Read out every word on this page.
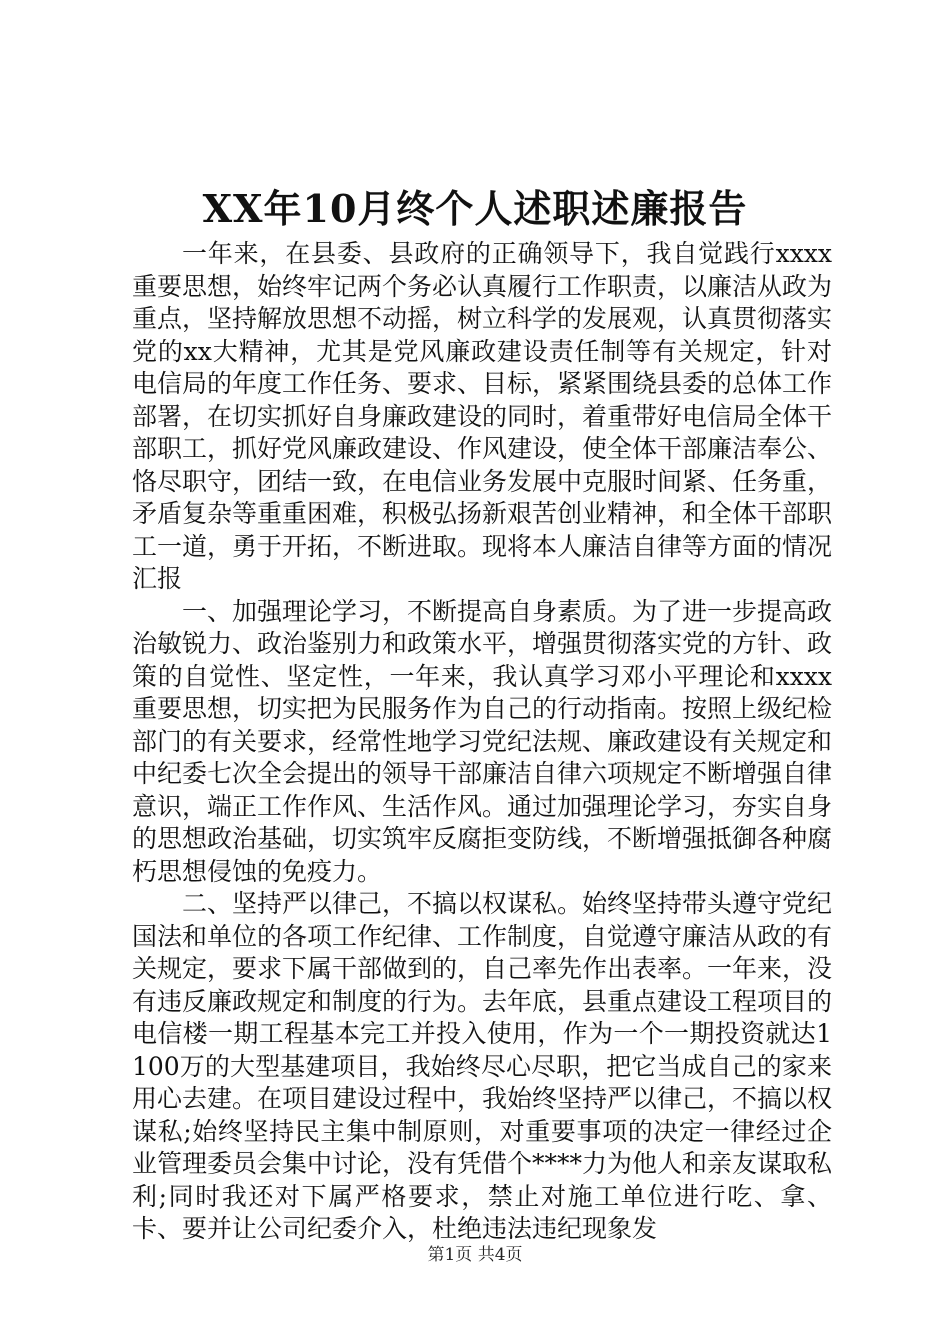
XX年10月终个人述职述廉报告

一年来，在县委、县政府的正确领导下，我自觉践行xxxx重要思想，始终牢记两个务必认真履行工作职责，以廉洁从政为重点，坚持解放思想不动摇，树立科学的发展观，认真贯彻落实党的xx大精神，尤其是党风廉政建设责任制等有关规定，针对电信局的年度工作任务、要求、目标，紧紧围绕县委的总体工作部署，在切实抓好自身廉政建设的同时，着重带好电信局全体干部职工，抓好党风廉政建设、作风建设，使全体干部廉洁奉公、恪尽职守，团结一致，在电信业务发展中克服时间紧、任务重，矛盾复杂等重重困难，积极弘扬新艰苦创业精神，和全体干部职工一道，勇于开拓，不断进取。现将本人廉洁自律等方面的情况汇报

一、加强理论学习，不断提高自身素质。为了进一步提高政治敏锐力、政治鉴别力和政策水平，增强贯彻落实党的方针、政策的自觉性、坚定性，一年来，我认真学习邓小平理论和xxxx重要思想，切实把为民服务作为自己的行动指南。按照上级纪检部门的有关要求，经常性地学习党纪法规、廉政建设有关规定和中纪委七次全会提出的领导干部廉洁自律六项规定不断增强自律意识，端正工作作风、生活作风。通过加强理论学习，夯实自身的思想政治基础，切实筑牢反腐拒变防线，不断增强抵御各种腐朽思想侵蚀的免疫力。

二、坚持严以律己，不搞以权谋私。始终坚持带头遵守党纪国法和单位的各项工作纪律、工作制度，自觉遵守廉洁从政的有关规定，要求下属干部做到的，自己率先作出表率。一年来，没有违反廉政规定和制度的行为。去年底，县重点建设工程项目的电信楼一期工程基本完工并投入使用，作为一个一期投资就达1100万的大型基建项目，我始终尽心尽职，把它当成自己的家来用心去建。在项目建设过程中，我始终坚持严以律己，不搞以权谋私;始终坚持民主集中制原则，对重要事项的决定一律经过企业管理委员会集中讨论，没有凭借个****力为他人和亲友谋取私利;同时我还对下属严格要求，禁止对施工单位进行吃、拿、卡、要并让公司纪委介入，杜绝违法违纪现象发

第1页 共4页
